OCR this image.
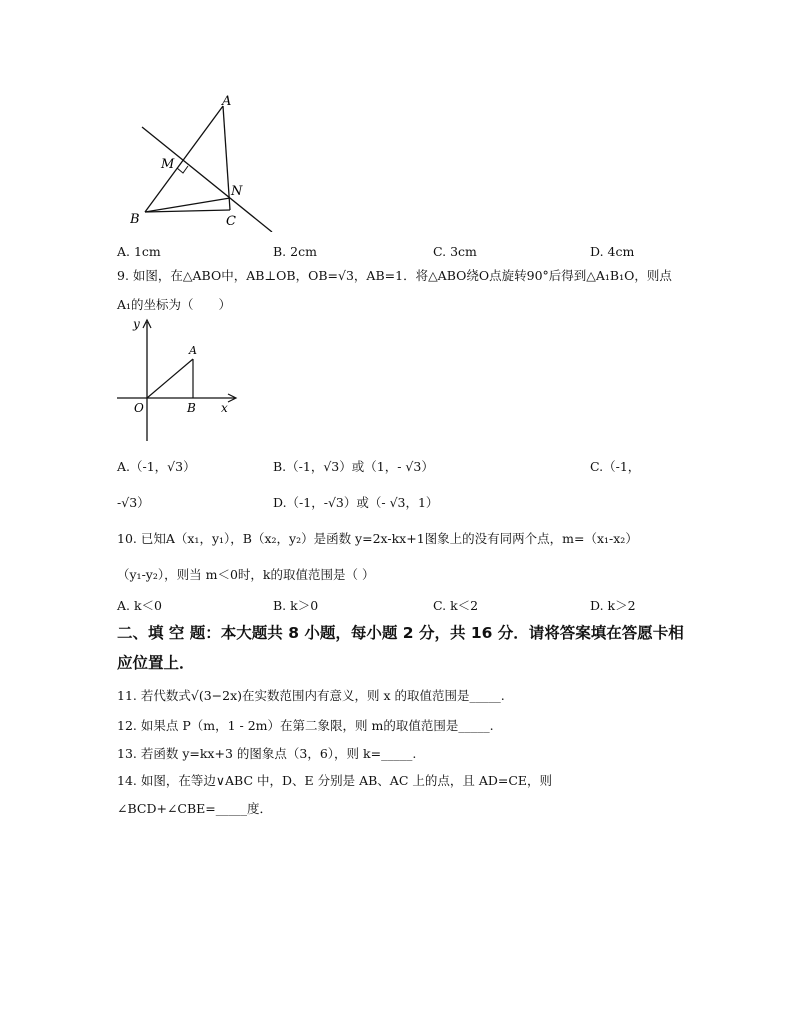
A
M
N
B	C
A. 1cm	B. 2cm	C. 3cm	D. 4cm
9. 如图，在△ABO中，AB⊥OB，OB=√3，AB=1．将△ABO绕O点旋转90°后得到△A₁B₁O，则点
A₁的坐标为（　　）
y
x
O
A
B
A.（-1，√3）	B.（-1，√3）或（1，- √3）	C.（-1，
-√3）	D.（-1，-√3）或（- √3，1）
10. 已知A（x₁，y₁），B（x₂，y₂）是函数 y=2x-kx+1图象上的没有同两个点，m=（x₁-x₂）
（y₁-y₂），则当 m＜0时，k的取值范围是（ ）
A. k＜0	B. k＞0	C. k＜2	D. k＞2
二、填 空 题：本大题共 8 小题，每小题 2 分，共 16 分．请将答案填在答愿卡相
应位置上．
11. 若代数式√(3−2x)在实数范围内有意义，则 x 的取值范围是_____.
12. 如果点 P（m，1 - 2m）在第二象限，则 m的取值范围是_____.
13. 若函数 y=kx+3 的图象点（3，6），则 k=_____.
14. 如图，在等边∨ABC 中，D、E 分别是 AB、AC 上的点，且 AD=CE，则
∠BCD+∠CBE=_____度．
